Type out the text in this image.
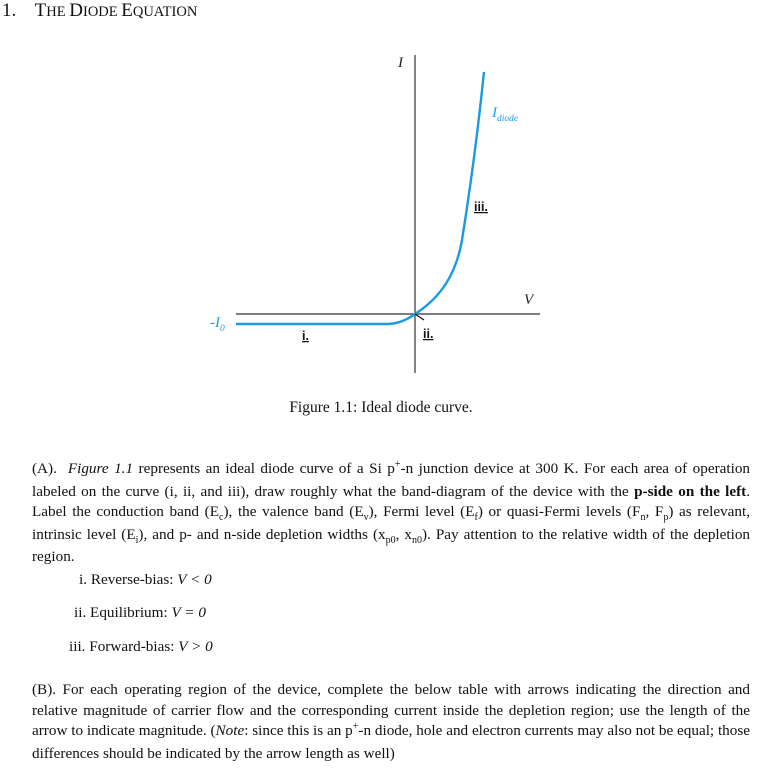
1. THE DIODE EQUATION
I
V
$I_{diode}$
$-I_0$	i.	ii.
iii.
Figure 1.1: Ideal diode curve.
(A). Figure 1.1 represents an ideal diode curve of a Si p+-n junction device at 300 K. For each area of operation labeled on the curve (i, ii, and iii), draw roughly what the band-diagram of the device with the p-side on the left. Label the conduction band $(E_c)$, the valence band $(E_v)$, Fermi level $(E_f)$ or quasi-Fermi levels ($F_n$, $F_p$) as relevant, intrinsic level $(E_i)$, and p- and n-side depletion widths ($x_{p0}$, $x_{n0}$). Pay attention to the relative width of the depletion region.
i. Reverse-bias: V < 0
ii. Equilibrium: V = 0
iii. Forward-bias: V > 0
(B). For each operating region of the device, complete the below table with arrows indicating the direction and relative magnitude of carrier flow and the corresponding current inside the depletion region; use the length of the arrow to indicate magnitude. (Note: since this is an p+-n diode, hole and electron currents may also not be equal; those differences should be indicated by the arrow length as well)
